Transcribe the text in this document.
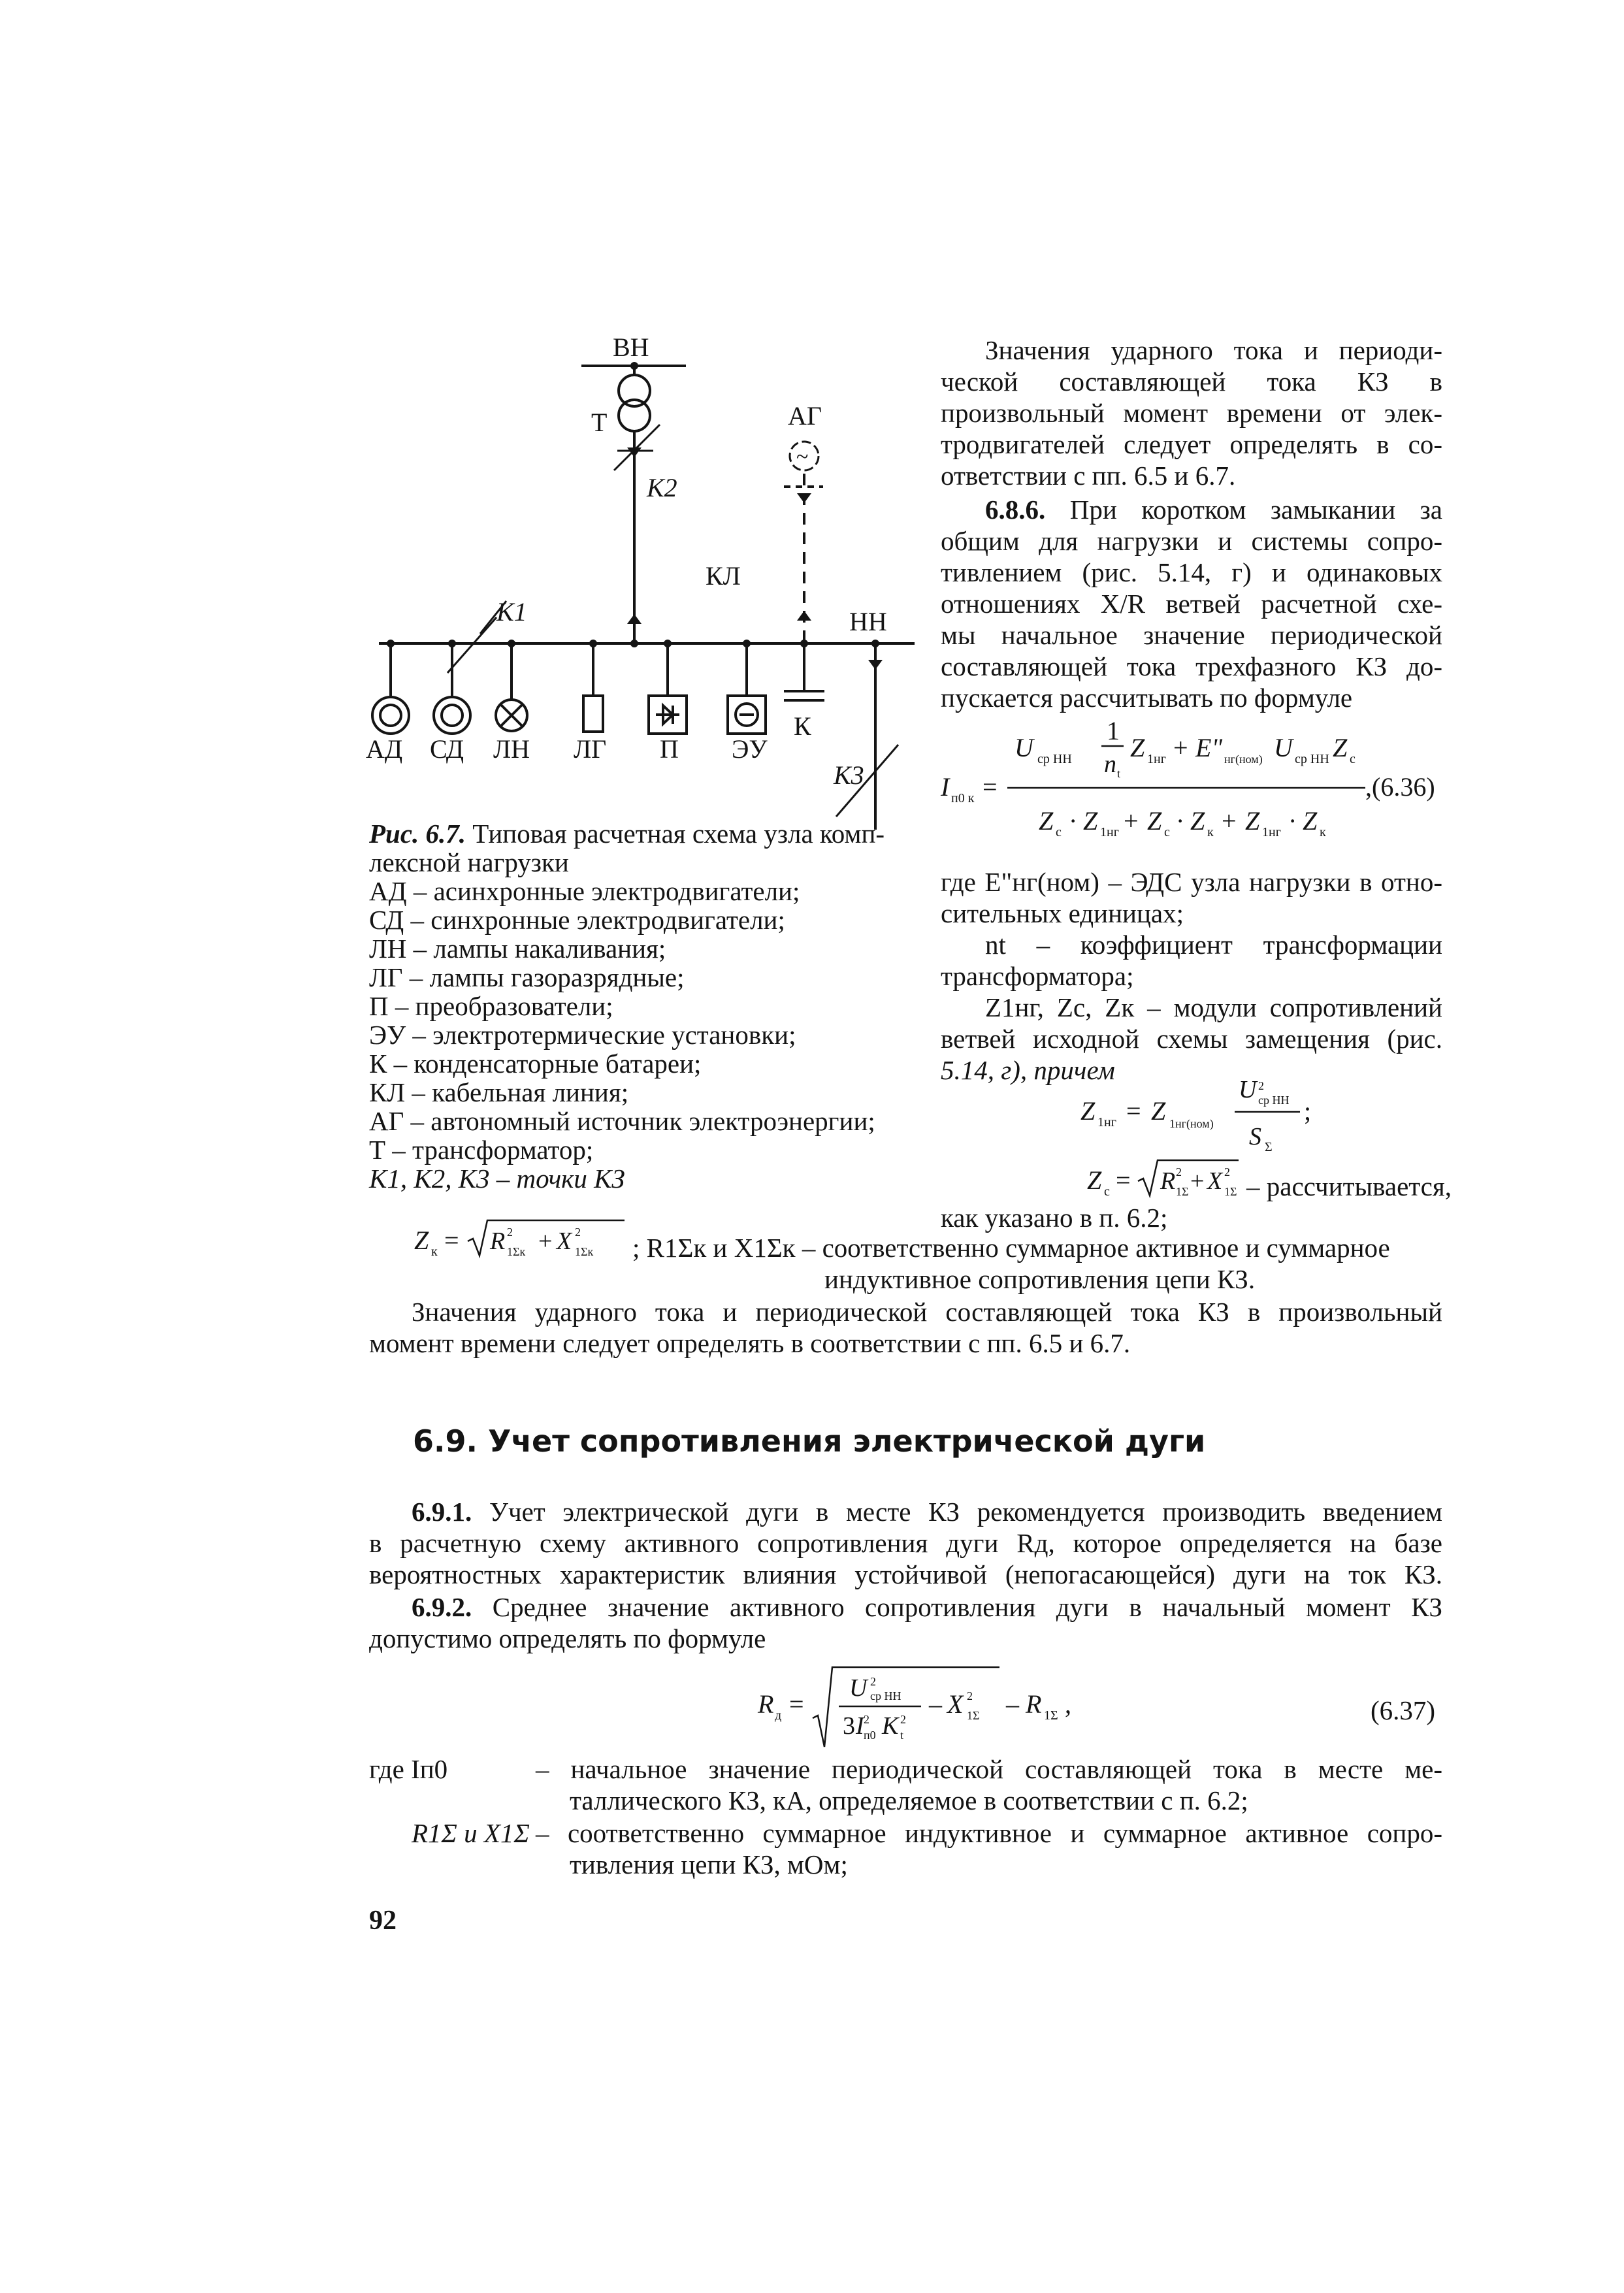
~
ВН
Т
K2
АГ
КЛ
K1	НН
К
K3
АД СД ЛН ЛГ П ЭУ
Рис. 6.7. Типовая расчетная схема узла комп-
лексной нагрузки
АД – асинхронные электродвигатели;
СД – синхронные электродвигатели;
ЛН – лампы накаливания;
ЛГ – лампы газоразрядные;
П – преобразователи;
ЭУ – электротермические установки;
К – конденсаторные батареи;
КЛ – кабельная линия;
АГ – автономный источник электроэнергии;
Т – трансформатор;
K1, K2, K3 – точки КЗ
Значения ударного тока и периоди-
ческой составляющей тока КЗ в
произвольный момент времени от элек-
тродвигателей следует определять в со-
ответствии с пп. 6.5 и 6.7.
6.8.6. При коротком замыкании за
общим для нагрузки и системы сопро-
тивлением (рис. 5.14, г) и одинаковых
отношениях X/R ветвей расчетной схе-
мы начальное значение периодической
составляющей тока трехфазного КЗ до-
пускается рассчитывать по формуле
1
U ср НН n t
Z 1нг + E" нг(ном) U ср НН Z с
I п0 к =	,(6.36)
Z с · Z 1нг + Z с · Z к + Z 1нг · Z к
где E"нг(ном) – ЭДС узла нагрузки в отно-
сительных единицах;
nt – коэффициент трансформации
трансформатора;
Z1нг, Zс, Zк – модули сопротивлений
ветвей исходной схемы замещения (рис.
5.14, г), причем
U 2
ср НН
Z 1нг = Z 1нг(ном)	;
S Σ
Z с = R 2
1Σ + X 2
1Σ – рассчитывается,
как указано в п. 6.2;
Z к = R 2
1Σк + X 2
1Σк ; R1Σк и X1Σк – соответственно суммарное активное и суммарное
индуктивное сопротивления цепи КЗ.
Значения ударного тока и периодической составляющей тока КЗ в произвольный
момент времени следует определять в соответствии с пп. 6.5 и 6.7.
6.9. Учет сопротивления электрической дуги
6.9.1. Учет электрической дуги в месте КЗ рекомендуется производить введением
в расчетную схему активного сопротивления дуги Rд, которое определяется на базе
вероятностных характеристик влияния устойчивой (непогасающейся) дуги на ток КЗ.
6.9.2. Среднее значение активного сопротивления дуги в начальный момент КЗ
допустимо определять по формуле
R д =
U 2
ср НН
3 I 2
п0 K 2
t
– X 2
1Σ – R 1Σ ,	(6.37)
где Iп0	– начальное значение периодической составляющей тока в месте ме-
таллического КЗ, кА, определяемое в соответствии с п. 6.2;
R1Σ и X1Σ – соответственно суммарное индуктивное и суммарное активное сопро-
тивления цепи КЗ, мОм;
92
